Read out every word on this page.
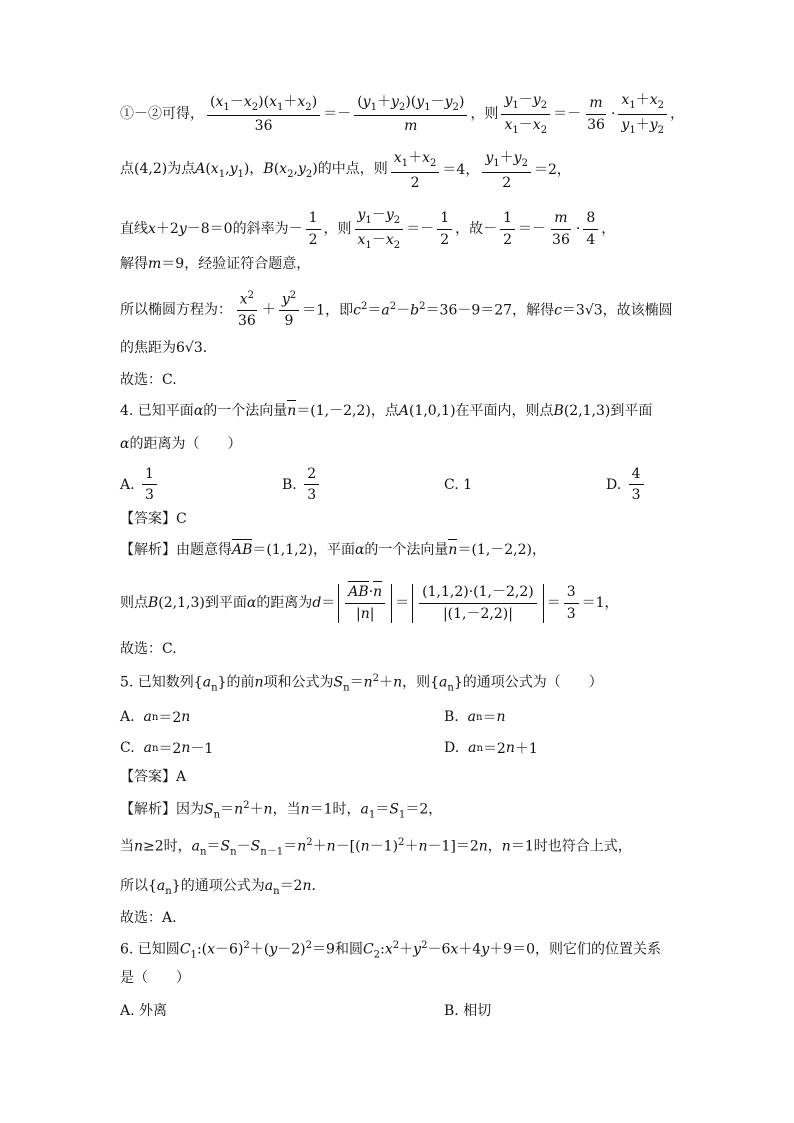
①－②可得， $\frac{(x_1-x_2)(x_1+x_2)}{36} =- \frac{(y_1+y_2)(y_1-y_2)}{m}$ ，则 $\frac{y_1-y_2}{x_1-x_2} =- \frac{m}{36} \cdot \frac{x_1+x_2}{y_1+y_2}$ ，
点(4,2)为点$A(x_1,y_1)$，$B(x_2,y_2)$的中点，则 $\frac{x_1+x_2}{2} =4$， $\frac{y_1+y_2}{2} =2$，
直线x＋2y－8＝0的斜率为－ $\frac{1}{2}$ ，则 $\frac{y_1-y_2}{x_1-x_2} =- \frac{1}{2}$ ，故－ $\frac{1}{2} =- \frac{m}{36} \cdot \frac{8}{4}$ ，
解得m＝9，经验证符合题意，
所以椭圆方程为： $\frac{x^2}{36} + \frac{y^2}{9} =1$，即$c^2=a^2-b^2=36-9=27$，解得c＝3√3，故该椭圆
的焦距为6√3．
故选：C.
4. 已知平面α的一个法向量n＝(1,－2,2)，点A(1,0,1)在平面内，则点B(2,1,3)到平面
α的距离为（　　）
A. $\frac{1}{3}$	B. $\frac{2}{3}$	C. 1	D. $\frac{4}{3}$
【答案】C
【解析】由题意得AB＝(1,1,2)，平面α的一个法向量n＝(1,－2,2)，
则点B(2,1,3)到平面α的距离为$d= \frac{AB\cdot n}{|n|} = \frac{(1,1,2)\cdot(1,-2,2)}{|(1,-2,2)|} = \frac{3}{3} =1$，
故选：C.
5. 已知数列$\{a_n\}$的前n项和公式为$S_n=n^2+n$，则$\{a_n\}$的通项公式为（　　）
A. a n ＝2 n	B. a n ＝ n
C. a n ＝2 n －1	D. a n ＝2 n ＋1
【答案】A
【解析】因为$S_n=n^2+n$，当n＝1时，$a_1=S_1=2$，
当n≥2时，$a_n=S_n-S_{n-1}=n^2+n-[(n-1)^2+n-1]=2n$，n＝1时也符合上式，
所以$\{a_n\}$的通项公式为$a_n=2n$．
故选：A.
6. 已知圆$C_1:(x-6)^2+(y-2)^2=9$和圆$C_2:x^2+y^2-6x+4y+9=0$，则它们的位置关系
是（　　）
A. 外离	B. 相切
